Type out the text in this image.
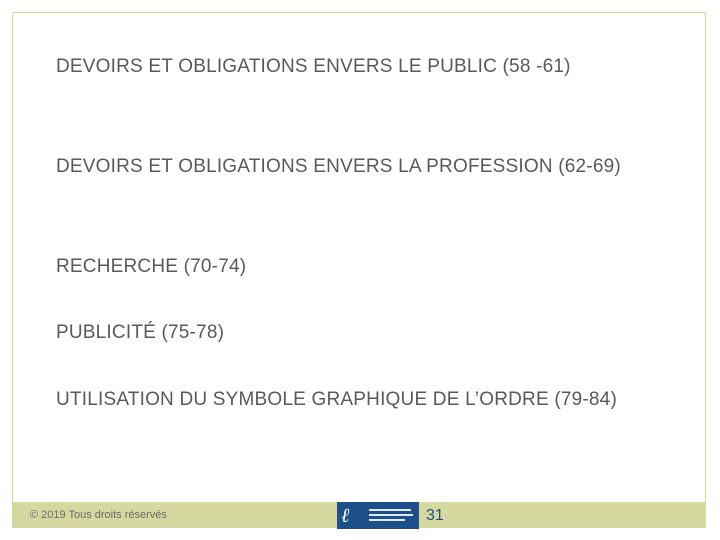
DEVOIRS ET OBLIGATIONS ENVERS LE PUBLIC (58 -61)
DEVOIRS ET OBLIGATIONS ENVERS LA PROFESSION (62-69)
RECHERCHE (70-74)
PUBLICITÉ (75-78)
UTILISATION DU SYMBOLE GRAPHIQUE DE L’ORDRE (79-84)
© 2019 Tous droits réservés	ℓ	31
